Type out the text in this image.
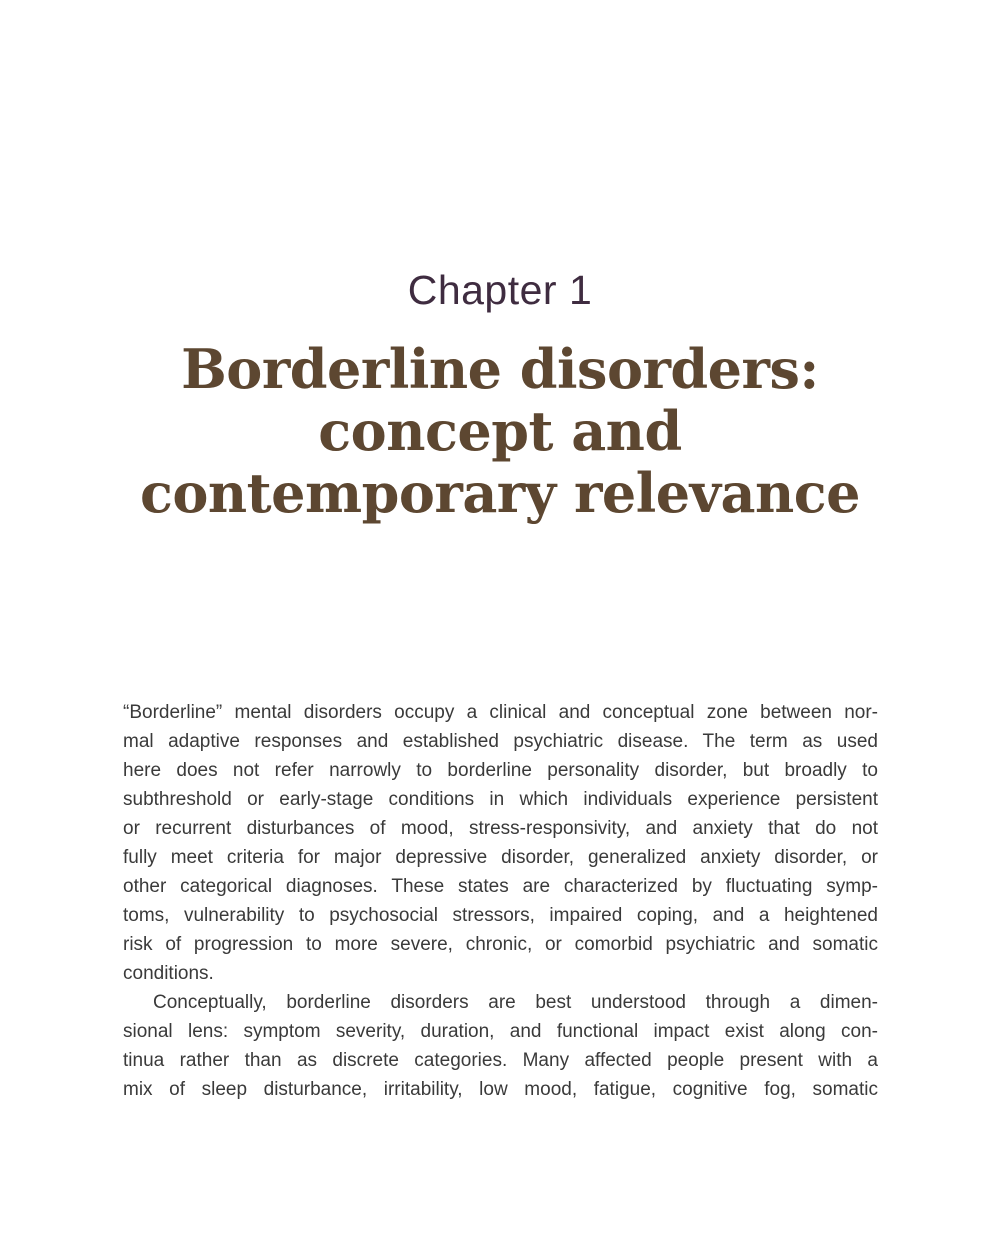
Chapter 1
Borderline disorders:
concept and
contemporary relevance

“Borderline” mental disorders occupy a clinical and conceptual zone between nor-
mal adaptive responses and established psychiatric disease. The term as used
here does not refer narrowly to borderline personality disorder, but broadly to
subthreshold or early-stage conditions in which individuals experience persistent
or recurrent disturbances of mood, stress-responsivity, and anxiety that do not
fully meet criteria for major depressive disorder, generalized anxiety disorder, or
other categorical diagnoses. These states are characterized by fluctuating symp-
toms, vulnerability to psychosocial stressors, impaired coping, and a heightened
risk of progression to more severe, chronic, or comorbid psychiatric and somatic
conditions.

Conceptually, borderline disorders are best understood through a dimen-
sional lens: symptom severity, duration, and functional impact exist along con-
tinua rather than as discrete categories. Many affected people present with a
mix of sleep disturbance, irritability, low mood, fatigue, cognitive fog, somatic
